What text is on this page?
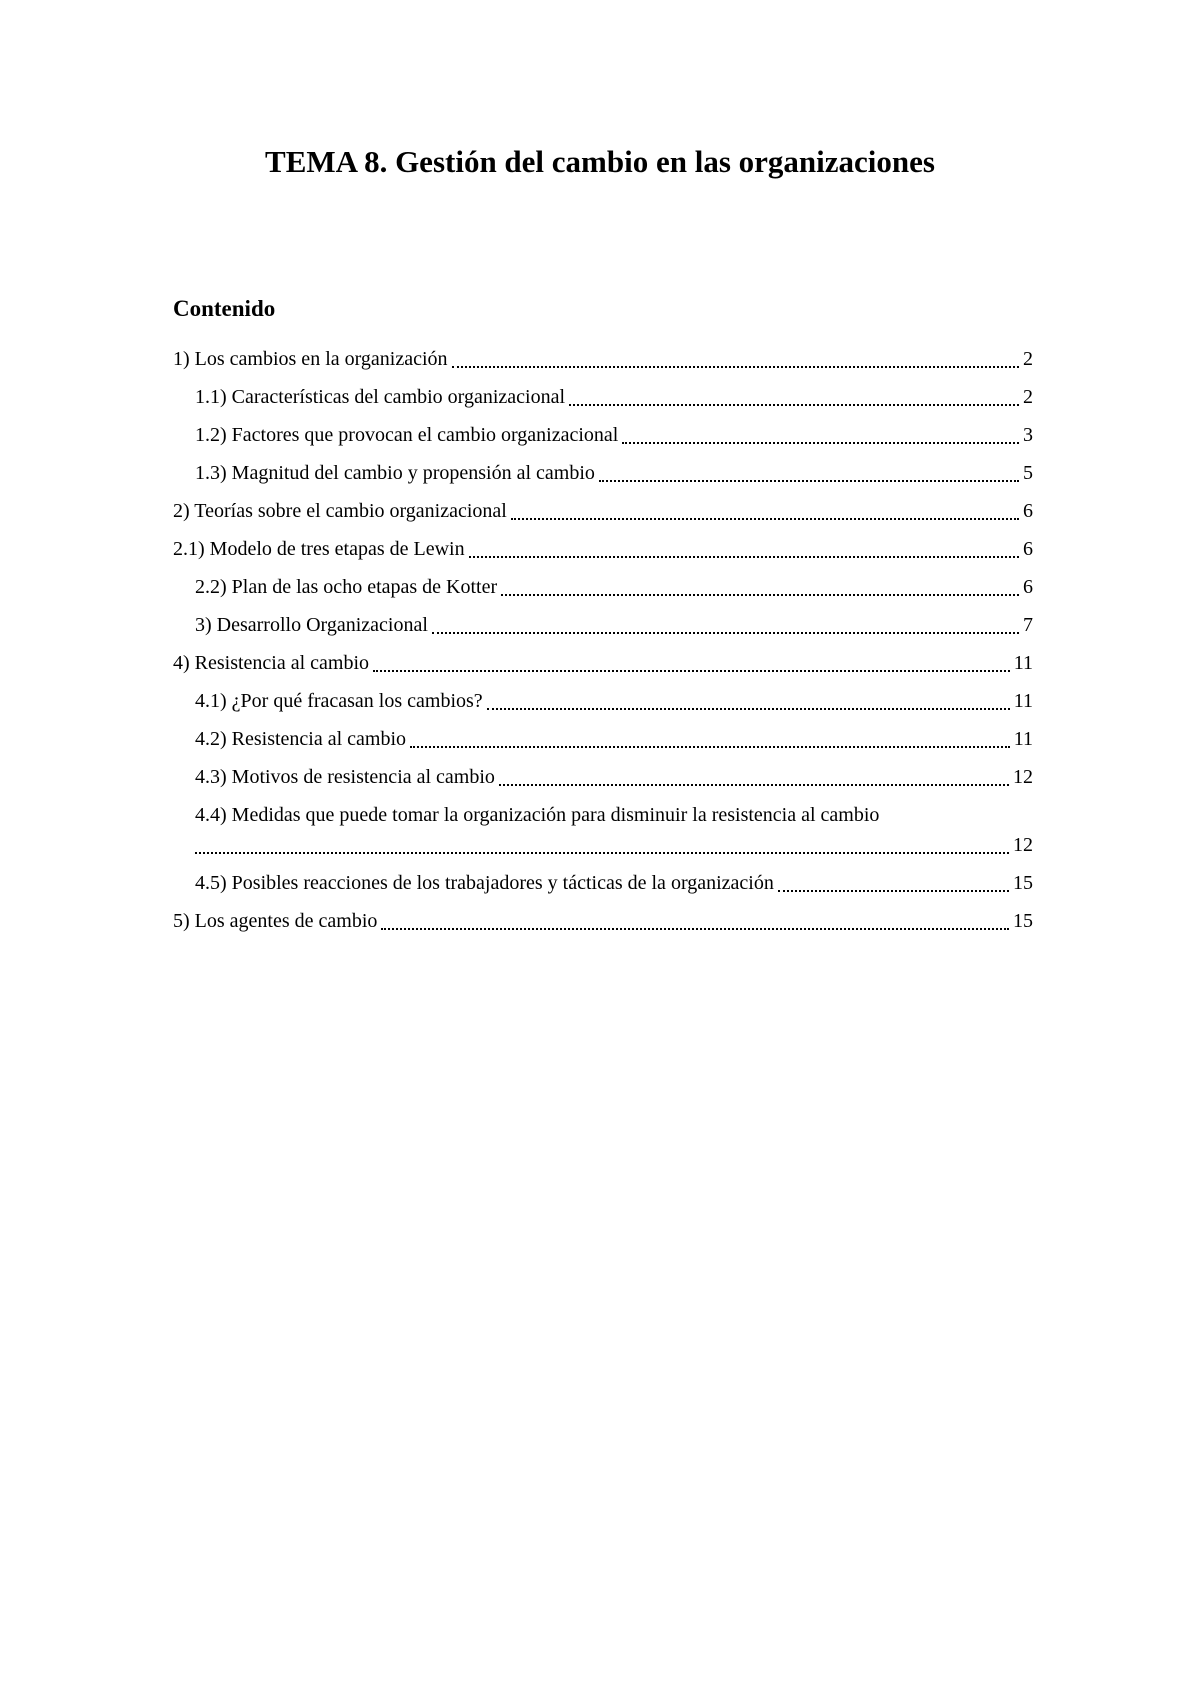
TEMA 8. Gestión del cambio en las organizaciones
Contenido
1) Los cambios en la organización	2
1.1) Características del cambio organizacional	2
1.2) Factores que provocan el cambio organizacional	3
1.3) Magnitud del cambio y propensión al cambio	5
2) Teorías sobre el cambio organizacional	6
2.1) Modelo de tres etapas de Lewin	6
2.2) Plan de las ocho etapas de Kotter	6
3) Desarrollo Organizacional	7
4) Resistencia al cambio	11
4.1) ¿Por qué fracasan los cambios?	11
4.2) Resistencia al cambio	11
4.3) Motivos de resistencia al cambio	12
4.4) Medidas que puede tomar la organización para disminuir la resistencia al cambio
12
4.5) Posibles reacciones de los trabajadores y tácticas de la organización	15
5) Los agentes de cambio	15
